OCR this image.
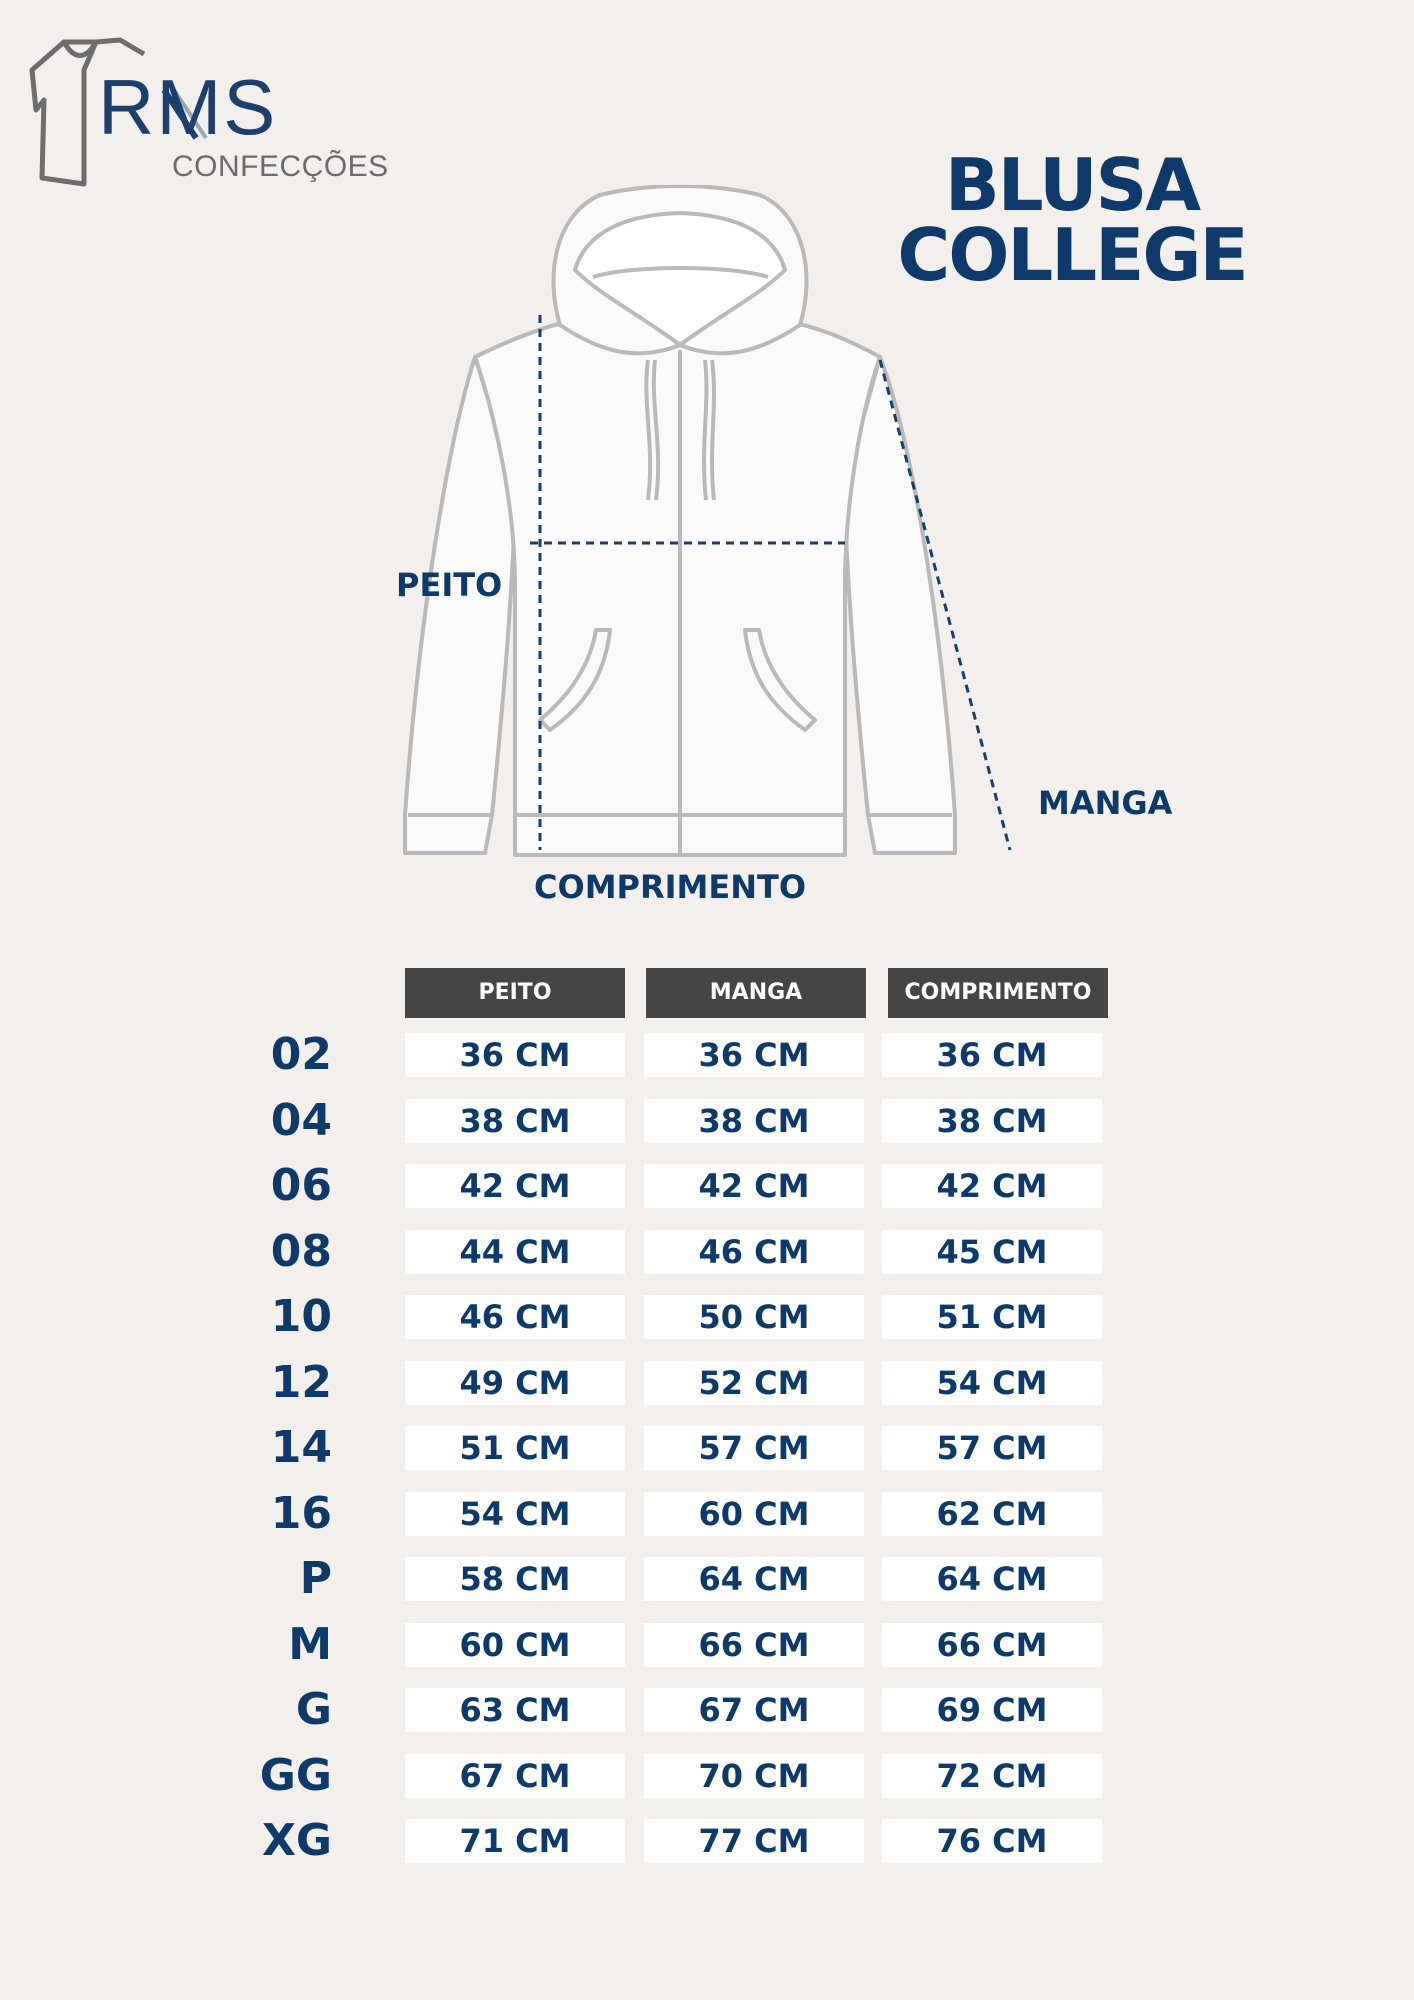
RMS
CONFECÇÕES	BLUSA
COLLEGE
PEITO
MANGA
COMPRIMENTO
PEITO	MANGA	COMPRIMENTO
02	36 CM	36 CM	36 CM
04	38 CM	38 CM	38 CM
06	42 CM	42 CM	42 CM
08	44 CM	46 CM	45 CM
10	46 CM	50 CM	51 CM
12	49 CM	52 CM	54 CM
14	51 CM	57 CM	57 CM
16	54 CM	60 CM	62 CM
P	58 CM	64 CM	64 CM
M	60 CM	66 CM	66 CM
G	63 CM	67 CM	69 CM
GG	67 CM	70 CM	72 CM
XG	71 CM	77 CM	76 CM
